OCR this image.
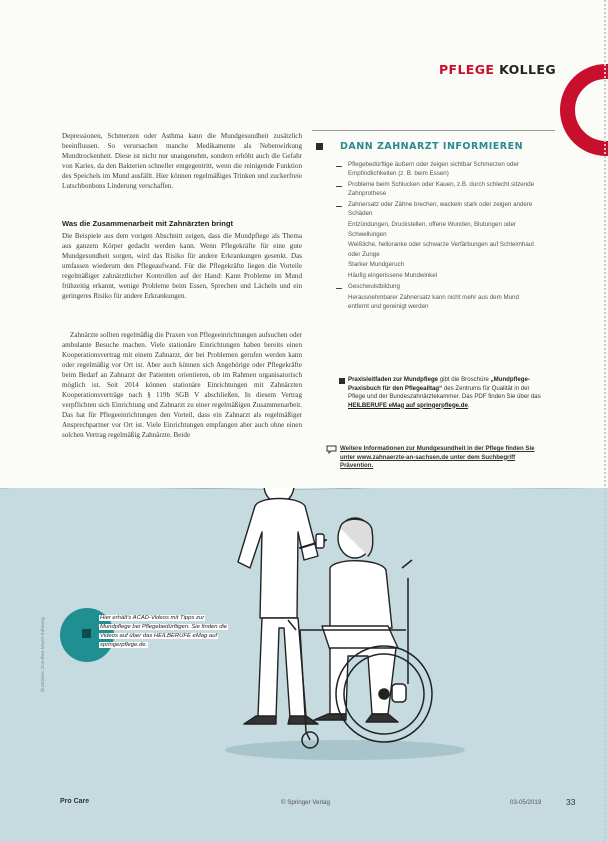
PFLEGE KOLLEG

Depressionen, Schmerzen oder Asthma kann die Mundgesundheit zusätzlich beeinflussen. So verursachen manche Medikamente als Nebenwirkung Mundtrockenheit. Diese ist nicht nur unangenehm, sondern erhöht auch die Gefahr von Karies, da den Bakterien schneller entgegentritt, wenn die reinigende Funktion des Speichels im Mund ausfällt. Hier können regelmäßiges Trinken und zuckerfreie Lutschbonbons Linderung verschaffen.

Was die Zusammenarbeit mit Zahnärzten bringt

Die Beispiele aus dem vorigen Abschnitt zeigen, dass die Mundpflege als Thema aus ganzem Körper gedacht werden kann. Wenn Pflegekräfte für eine gute Mundgesundheit sorgen, wird das Risiko für andere Erkrankungen gesenkt. Das umfassen wiederum den Pflegeaufwand. Für die Pflegekräfte liegen die Vorteile regelmäßiger zahnärztlicher Kontrollen auf der Hand: Kann Probleme im Mund frühzeitig erkannt, wenige Probleme beim Essen, Sprechen und Lächeln und ein geringeres Risiko für andere Erkrankungen.

Zahnärzte sollten regelmäßig die Praxen von Pflegeeinrichtungen aufsuchen oder ambulante Besuche machen. Viele stationäre Einrichtungen haben bereits einen Kooperationsvertrag mit einem Zahnarzt, der bei Problemen gerufen werden kann oder regelmäßig vor Ort ist. Aber auch können sich Angehörige oder Pflegekräfte beim Bedarf an Zahnarzt der Patienten orientieren, ob im Rahmen organisatorisch möglich ist. Seit 2014 können stationäre Einrichtungen mit Zahnärzten Kooperationsverträge nach § 119b SGB V abschließen. In diesem Vertrag verpflichten sich Einrichtung und Zahnarzt zu einer regelmäßigen Zusammenarbeit. Das hat für Pflegeeinrichtungen den Vorteil, dass ein Zahnarzt als regelmäßiger Ansprechpartner vor Ort ist. Viele Einrichtungen empfangen aber auch ohne einen solchen Vertrag regelmäßig Zahnärzte. Beide

DANN ZAHNARZT INFORMIEREN
Pflegebedürftige äußern oder zeigen sichtbar Schmerzen oder Empfindlichkeiten (z. B. beim Essen)
Probleme beim Schlucken oder Kauen, z.B. durch schlecht sitzende Zahnprothese
Zahnersatz oder Zähne brechen, wackeln stark oder zeigen andere Schäden
Entzündungen, Druckstellen, offene Wunden, Blutungen oder Schwellungen
Weißliche, helloranke oder schwarze Verfärbungen auf Schleimhaut oder Zunge
Starker Mundgeruch
Häufig eingerissene Mundwinkel
Geschwulstbildung
Herausnehmbarer Zahnersatz kann nicht mehr aus dem Mund entfernt und gereinigt werden
Praxisleitfaden zur Mundpflege gibt die Broschüre „Mundpflege-Praxisbuch für den Pflegealltag“ des Zentrums für Qualität in der Pflege und der Bundeszahnärztekammer. Das PDF finden Sie über das HEILBERUFE eMag auf springerpflege.de.
Weitere Informationen zur Mundgesundheit in der Pflege finden Sie unter www.zahnaerzte-an-sachsen.de unter dem Suchbegriff Prävention.
Hier erhält's ACAD-Videos mit Tipps zur
Mundpflege bei Pflegebedürftigen. Sie finden die
Videos auf über das HEILBERUFE eMag auf
springerpflege.de.
Illustration: Dorothea Meyer-Kahrweg
Pro Care	© Springer Verlag	03-05/2019	33
